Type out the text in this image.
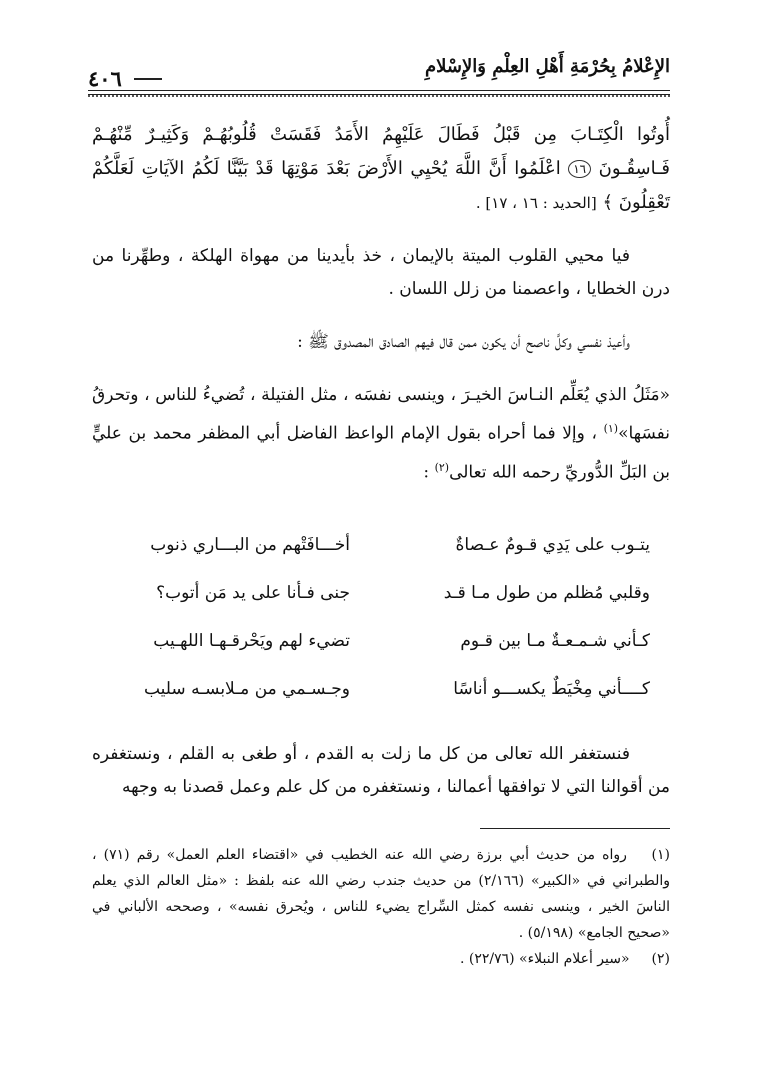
الإِعْلامُ بِحُرْمَةِ أَهْلِ العِلْمِ وَالإِسْلامِ
٤٠٦

أُوتُوا الْكِتَـابَ مِن قَبْلُ فَطَالَ عَلَيْهِمُ الأَمَدُ فَقَسَتْ قُلُوبُهُـمْ وَكَثِيـرٌ مِّنْهُـمْ فَـاسِقُـونَ ١٦ اعْلَمُوا أَنَّ اللَّهَ يُحْيِي الأَرْضَ بَعْدَ مَوْتِهَا قَدْ بَيَّنَّا لَكُمُ الآيَاتِ لَعَلَّكُمْ تَعْقِلُونَ ﴾ [الحديد : ١٦ ، ١٧] .

فيا محيي القلوب الميتة بالإيمان ، خذ بأيدينا من مهواة الهلكة ، وطهِّرنا من درن الخطايا ، واعصمنا من زلل اللسان .

وأعيذ نفسي وكلَّ ناصح أن يكون ممن قال فيهم الصادق المصدوق ﷺ :

«مَثَلُ الذي يُعَلِّم النـاسَ الخيـرَ ، وينسى نفسَه ، مثل الفتيلة ، تُضيءُ للناس ، وتحرقُ نفسَها»$^{(١)}$ ، وإلا فما أحراه بقول الإمام الواعظ الفاضل أبي المظفر محمد بن عليٍّ بن البَلِّ الدُّوريِّ رحمه الله تعالى$^{(٢)}$ :

يتـوب على يَدِي قـومٌ عـصاةٌ
أخـــافَتْهم من البـــاري ذنوب
وقلبي مُظلم من طول مـا قـد
جنى فـأنا على يد مَن أتوب؟
كـأني شـمـعـةٌ مـا بين قـوم
تضيء لهم ويَحْرقـهـا اللهـيب
كــــأني مِخْيَطٌ يكســـو أناسًا
وجـسـمي من مـلابسـه سليب

فنستغفر الله تعالى من كل ما زلت به القدم ، أو طغى به القلم ، ونستغفره من أقوالنا التي لا توافقها أعمالنا ، ونستغفره من كل علم وعمل قصدنا به وجهه

(١) رواه من حديث أبي برزة رضي الله عنه الخطيب في «اقتضاء العلم العمل» رقم (٧١) ، والطبراني في «الكبير» (٢/١٦٦) من حديث جندب رضي الله عنه بلفظ : «مثل العالم الذي يعلم الناسَ الخير ، وينسى نفسه كمثل السِّراج يضيء للناس ، ويُحرق نفسه» ، وصححه الألباني في «صحيح الجامع» (٥/١٩٨) .

(٢) «سير أعلام النبلاء» (٢٢/٧٦) .
